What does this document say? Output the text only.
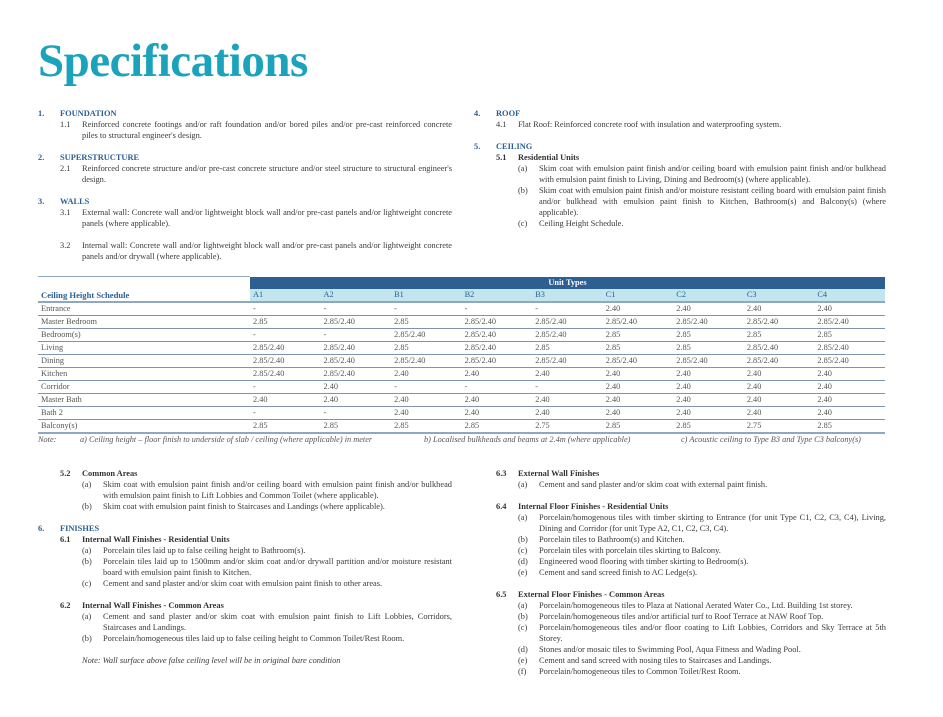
Specifications
1. FOUNDATION
1.1 Reinforced concrete footings and/or raft foundation and/or bored piles and/or pre-cast reinforced concrete piles to structural engineer's design.
2. SUPERSTRUCTURE
2.1 Reinforced concrete structure and/or pre-cast concrete structure and/or steel structure to structural engineer's design.
3. WALLS
3.1 External wall: Concrete wall and/or lightweight block wall and/or pre-cast panels and/or lightweight concrete panels (where applicable).
3.2 Internal wall: Concrete wall and/or lightweight block wall and/or pre-cast panels and/or lightweight concrete panels and/or drywall (where applicable).
4. ROOF
4.1 Flat Roof: Reinforced concrete roof with insulation and waterproofing system.
5. CEILING
5.1 Residential Units
(a) Skim coat with emulsion paint finish and/or ceiling board with emulsion paint finish and/or bulkhead with emulsion paint finish to Living, Dining and Bedroom(s) (where applicable).
(b) Skim coat with emulsion paint finish and/or moisture resistant ceiling board with emulsion paint finish and/or bulkhead with emulsion paint finish to Kitchen, Bathroom(s) and Balcony(s) (where applicable).
(c) Ceiling Height Schedule.
	Unit Types								
Ceiling Height Schedule	A1	A2	B1	B2	B3	C1	C2	C3	C4
Entrance	-	-	-	-	-	2.40	2.40	2.40	2.40
Master Bedroom	2.85	2.85/2.40	2.85	2.85/2.40	2.85/2.40	2.85/2.40	2.85/2.40	2.85/2.40	2.85/2.40
Bedroom(s)	-	-	2.85/2.40	2.85/2.40	2.85/2.40	2.85	2.85	2.85	2.85
Living	2.85/2.40	2.85/2.40	2.85	2.85/2.40	2.85	2.85	2.85	2.85/2.40	2.85/2.40
Dining	2.85/2.40	2.85/2.40	2.85/2.40	2.85/2.40	2.85/2.40	2.85/2.40	2.85/2.40	2.85/2.40	2.85/2.40
Kitchen	2.85/2.40	2.85/2.40	2.40	2.40	2.40	2.40	2.40	2.40	2.40
Corridor	-	2.40	-	-	-	2.40	2.40	2.40	2.40
Master Bath	2.40	2.40	2.40	2.40	2.40	2.40	2.40	2.40	2.40
Bath 2	-	-	2.40	2.40	2.40	2.40	2.40	2.40	2.40
Balcony(s)	2.85	2.85	2.85	2.85	2.75	2.85	2.85	2.75	2.85
Note:	a) Ceiling height – floor finish to underside of slab / ceiling (where applicable) in meter	b) Localised bulkheads and beams at 2.4m (where applicable)	c) Acoustic ceiling to Type B3 and Type C3 balcony(s)
5.2 Common Areas
(a) Skim coat with emulsion paint finish and/or ceiling board with emulsion paint finish and/or bulkhead with emulsion paint finish to Lift Lobbies and Common Toilet (where applicable).
(b) Skim coat with emulsion paint finish to Staircases and Landings (where applicable).
6. FINISHES
6.1 Internal Wall Finishes - Residential Units
(a) Porcelain tiles laid up to false ceiling height to Bathroom(s).
(b) Porcelain tiles laid up to 1500mm and/or skim coat and/or drywall partition and/or moisture resistant board with emulsion paint finish to Kitchen.
(c) Cement and sand plaster and/or skim coat with emulsion paint finish to other areas.
6.2 Internal Wall Finishes - Common Areas
(a) Cement and sand plaster and/or skim coat with emulsion paint finish to Lift Lobbies, Corridors, Staircases and Landings.
(b) Porcelain/homogeneous tiles laid up to false ceiling height to Common Toilet/Rest Room.
Note: Wall surface above false ceiling level will be in original bare condition
6.3 External Wall Finishes
(a) Cement and sand plaster and/or skim coat with external paint finish.
6.4 Internal Floor Finishes - Residential Units
(a) Porcelain/homogenous tiles with timber skirting to Entrance (for unit Type C1, C2, C3, C4), Living, Dining and Corridor (for unit Type A2, C1, C2, C3, C4).
(b) Porcelain tiles to Bathroom(s) and Kitchen.
(c) Porcelain tiles with porcelain tiles skirting to Balcony.
(d) Engineered wood flooring with timber skirting to Bedroom(s).
(e) Cement and sand screed finish to AC Ledge(s).
6.5 External Floor Finishes - Common Areas
(a) Porcelain/homogeneous tiles to Plaza at National Aerated Water Co., Ltd. Building 1st storey.
(b) Porcelain/homogeneous tiles and/or artificial turf to Roof Terrace at NAW Roof Top.
(c) Porcelain/homogeneous tiles and/or floor coating to Lift Lobbies, Corridors and Sky Terrace at 5th Storey.
(d) Stones and/or mosaic tiles to Swimming Pool, Aqua Fitness and Wading Pool.
(e) Cement and sand screed with nosing tiles to Staircases and Landings.
(f) Porcelain/homogeneous tiles to Common Toilet/Rest Room.
